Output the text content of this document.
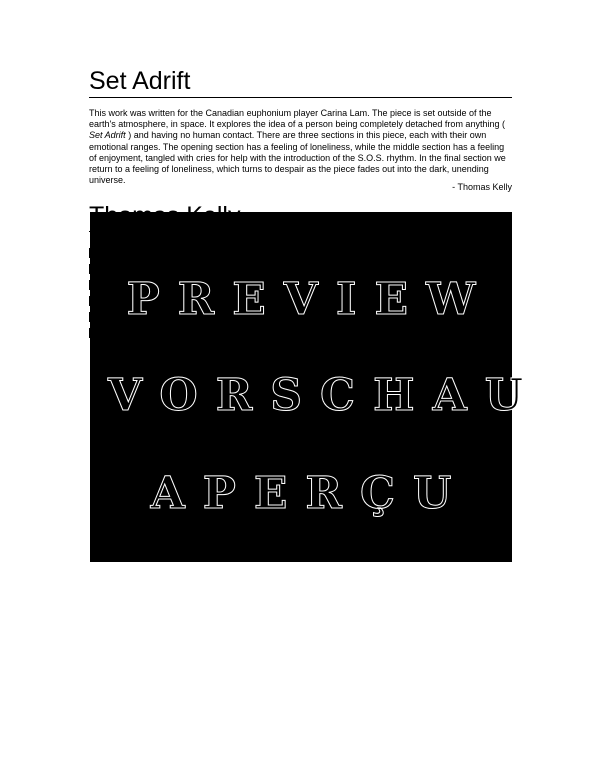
Set Adrift
This work was written for the Canadian euphonium player Carina Lam. The piece is set outside of the earth's atmosphere, in space. It explores the idea of a person being completely detached from anything ( Set Adrift ) and having no human contact. There are three sections in this piece, each with their own emotional ranges. The opening section has a feeling of loneliness, while the middle section has a feeling of enjoyment, tangled with cries for help with the introduction of the S.O.S. rhythm. In the final section we return to a feeling of loneliness, which turns to despair as the piece fades out into the dark, unending universe.
- Thomas Kelly
PREVIEW
VORSCHAU
APERÇU
